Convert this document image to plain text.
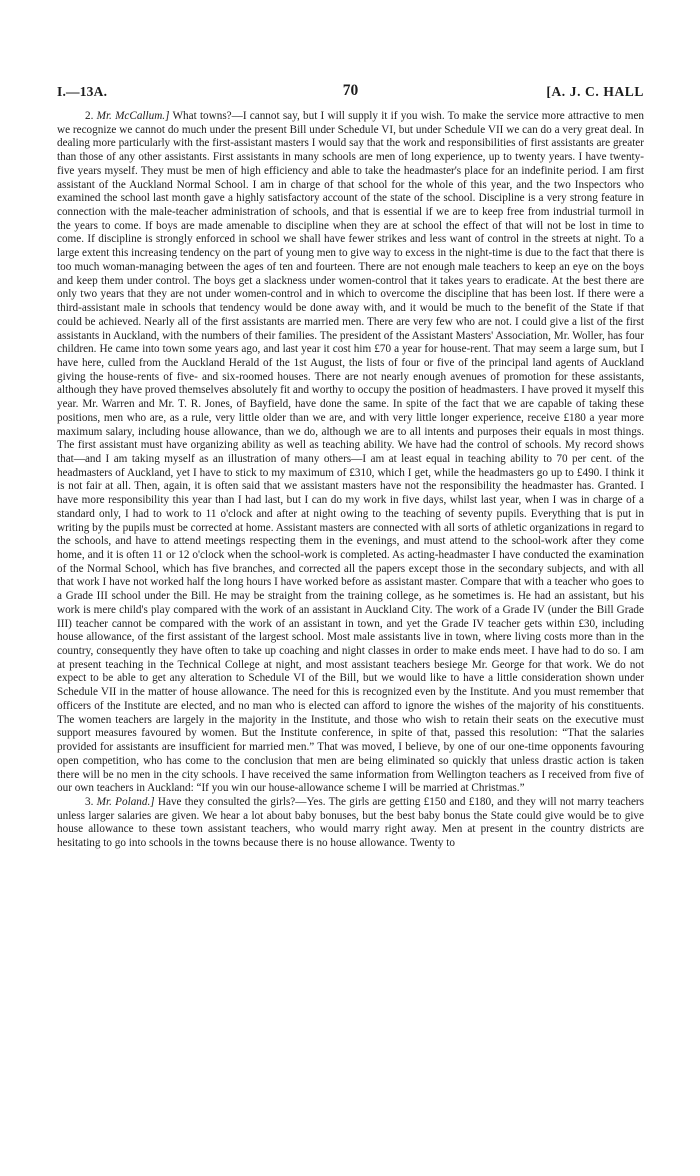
I.—13A.	70	[A. J. C. HALL

2. Mr. McCallum.] What towns?—I cannot say, but I will supply it if you wish. To make the service more attractive to men we recognize we cannot do much under the present Bill under Schedule VI, but under Schedule VII we can do a very great deal. In dealing more particularly with the first-assistant masters I would say that the work and responsibilities of first assistants are greater than those of any other assistants. First assistants in many schools are men of long experience, up to twenty years. I have twenty-five years myself. They must be men of high efficiency and able to take the headmaster's place for an indefinite period. I am first assistant of the Auckland Normal School. I am in charge of that school for the whole of this year, and the two Inspectors who examined the school last month gave a highly satisfactory account of the state of the school. Discipline is a very strong feature in connection with the male-teacher administration of schools, and that is essential if we are to keep free from industrial turmoil in the years to come. If boys are made amenable to discipline when they are at school the effect of that will not be lost in time to come. If discipline is strongly enforced in school we shall have fewer strikes and less want of control in the streets at night. To a large extent this increasing tendency on the part of young men to give way to excess in the night-time is due to the fact that there is too much woman-managing between the ages of ten and fourteen. There are not enough male teachers to keep an eye on the boys and keep them under control. The boys get a slackness under women-control that it takes years to eradicate. At the best there are only two years that they are not under women-control and in which to overcome the discipline that has been lost. If there were a third-assistant male in schools that tendency would be done away with, and it would be much to the benefit of the State if that could be achieved. Nearly all of the first assistants are married men. There are very few who are not. I could give a list of the first assistants in Auckland, with the numbers of their families. The president of the Assistant Masters' Association, Mr. Woller, has four children. He came into town some years ago, and last year it cost him £70 a year for house-rent. That may seem a large sum, but I have here, culled from the Auckland Herald of the 1st August, the lists of four or five of the principal land agents of Auckland giving the house-rents of five- and six-roomed houses. There are not nearly enough avenues of promotion for these assistants, although they have proved themselves absolutely fit and worthy to occupy the position of headmasters. I have proved it myself this year. Mr. Warren and Mr. T. R. Jones, of Bayfield, have done the same. In spite of the fact that we are capable of taking these positions, men who are, as a rule, very little older than we are, and with very little longer experience, receive £180 a year more maximum salary, including house allowance, than we do, although we are to all intents and purposes their equals in most things. The first assistant must have organizing ability as well as teaching ability. We have had the control of schools. My record shows that—and I am taking myself as an illustration of many others—I am at least equal in teaching ability to 70 per cent. of the headmasters of Auckland, yet I have to stick to my maximum of £310, which I get, while the headmasters go up to £490. I think it is not fair at all. Then, again, it is often said that we assistant masters have not the responsibility the headmaster has. Granted. I have more responsibility this year than I had last, but I can do my work in five days, whilst last year, when I was in charge of a standard only, I had to work to 11 o'clock and after at night owing to the teaching of seventy pupils. Everything that is put in writing by the pupils must be corrected at home. Assistant masters are connected with all sorts of athletic organizations in regard to the schools, and have to attend meetings respecting them in the evenings, and must attend to the school-work after they come home, and it is often 11 or 12 o'clock when the school-work is completed. As acting-headmaster I have conducted the examination of the Normal School, which has five branches, and corrected all the papers except those in the secondary subjects, and with all that work I have not worked half the long hours I have worked before as assistant master. Compare that with a teacher who goes to a Grade III school under the Bill. He may be straight from the training college, as he sometimes is. He had an assistant, but his work is mere child's play compared with the work of an assistant in Auckland City. The work of a Grade IV (under the Bill Grade III) teacher cannot be compared with the work of an assistant in town, and yet the Grade IV teacher gets within £30, including house allowance, of the first assistant of the largest school. Most male assistants live in town, where living costs more than in the country, consequently they have often to take up coaching and night classes in order to make ends meet. I have had to do so. I am at present teaching in the Technical College at night, and most assistant teachers besiege Mr. George for that work. We do not expect to be able to get any alteration to Schedule VI of the Bill, but we would like to have a little consideration shown under Schedule VII in the matter of house allowance. The need for this is recognized even by the Institute. And you must remember that officers of the Institute are elected, and no man who is elected can afford to ignore the wishes of the majority of his constituents. The women teachers are largely in the majority in the Institute, and those who wish to retain their seats on the executive must support measures favoured by women. But the Institute conference, in spite of that, passed this resolution: “That the salaries provided for assistants are insufficient for married men.” That was moved, I believe, by one of our one-time opponents favouring open competition, who has come to the conclusion that men are being eliminated so quickly that unless drastic action is taken there will be no men in the city schools. I have received the same information from Wellington teachers as I received from five of our own teachers in Auckland: “If you win our house-allowance scheme I will be married at Christmas.”

3. Mr. Poland.] Have they consulted the girls?—Yes. The girls are getting £150 and £180, and they will not marry teachers unless larger salaries are given. We hear a lot about baby bonuses, but the best baby bonus the State could give would be to give house allowance to these town assistant teachers, who would marry right away. Men at present in the country districts are hesitating to go into schools in the towns because there is no house allowance. Twenty to
